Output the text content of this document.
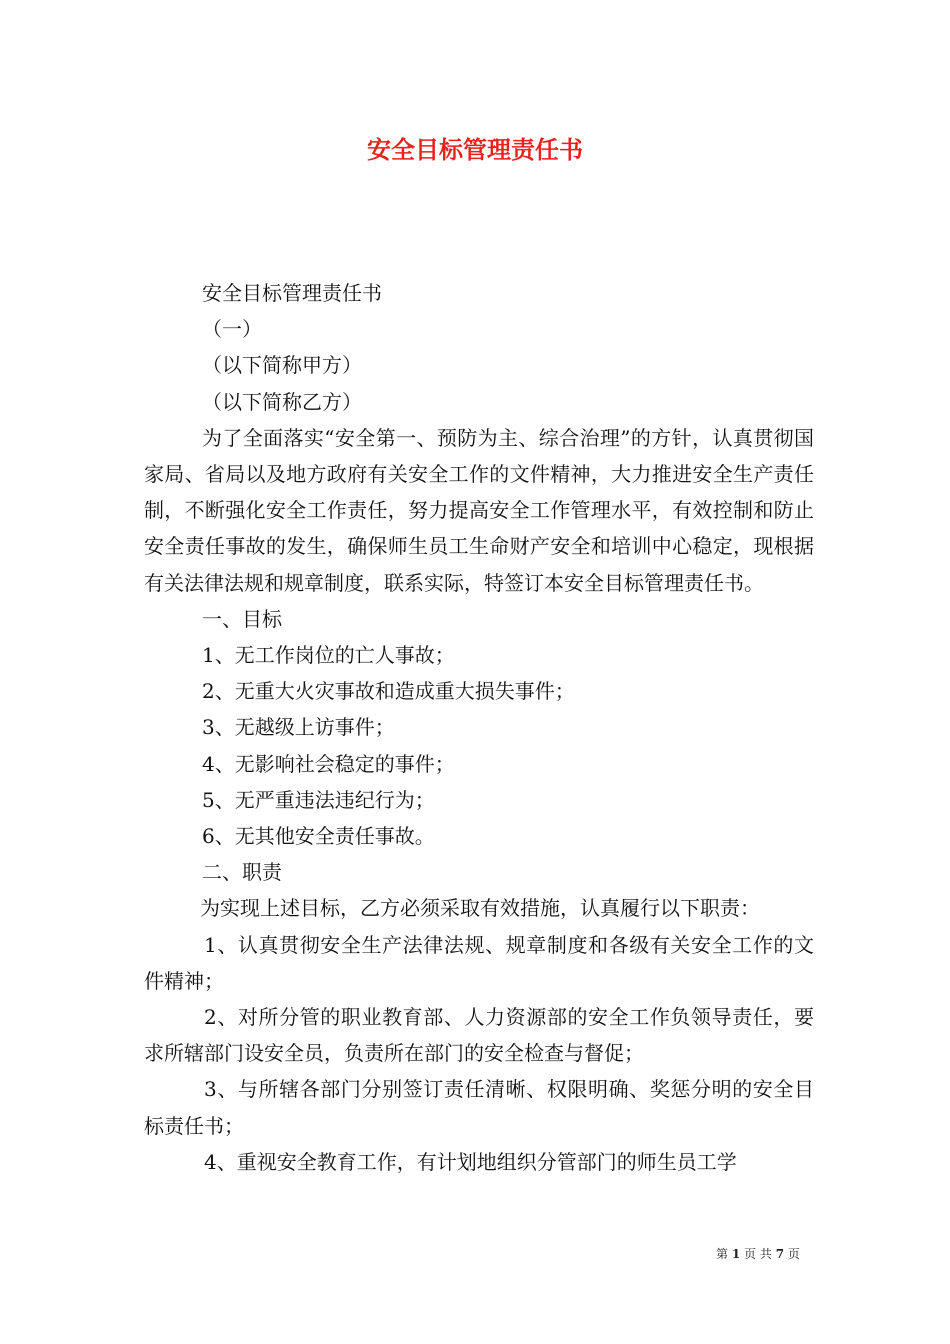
安全目标管理责任书

安全目标管理责任书

（一）

（以下简称甲方）

（以下简称乙方）

为了全面落实“安全第一、预防为主、综合治理”的方针，认真贯彻国家局、省局以及地方政府有关安全工作的文件精神，大力推进安全生产责任制，不断强化安全工作责任，努力提高安全工作管理水平，有效控制和防止安全责任事故的发生，确保师生员工生命财产安全和培训中心稳定，现根据有关法律法规和规章制度，联系实际，特签订本安全目标管理责任书。

一、目标

1、无工作岗位的亡人事故；

2、无重大火灾事故和造成重大损失事件；

3、无越级上访事件；

4、无影响社会稳定的事件；

5、无严重违法违纪行为；

6、无其他安全责任事故。

二、职责

为实现上述目标，乙方必须采取有效措施，认真履行以下职责：

1、认真贯彻安全生产法律法规、规章制度和各级有关安全工作的文件精神；

2、对所分管的职业教育部、人力资源部的安全工作负领导责任，要求所辖部门设安全员，负责所在部门的安全检查与督促；

3、与所辖各部门分别签订责任清晰、权限明确、奖惩分明的安全目标责任书；

4、重视安全教育工作，有计划地组织分管部门的师生员工学

第 1 页 共 7 页
